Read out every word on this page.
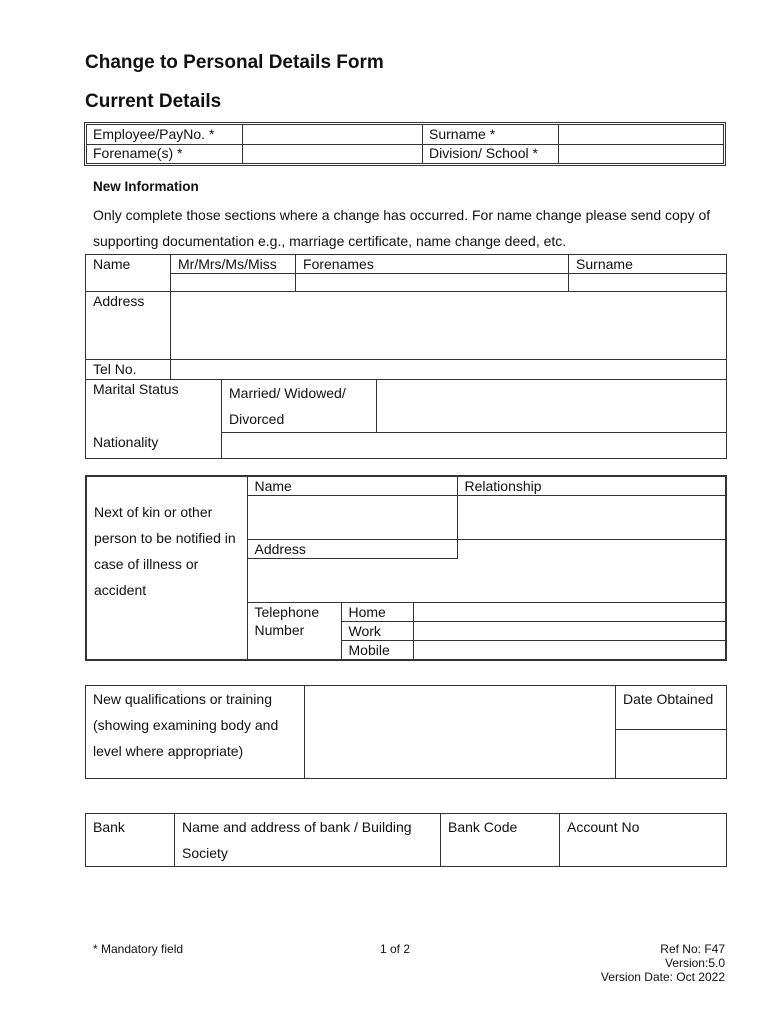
Change to Personal Details Form
Current Details
Employee/PayNo. *		Surname *	
Forename(s) *		Division/ School *	
New Information
Only complete those sections where a change has occurred. For name change please send copy of supporting documentation e.g., marriage certificate, name change deed, etc.
Name	Mr/Mrs/Ms/Miss		Forenames		Surname

Address					
Tel No.					
Marital Status		Married/ Widowed/ Divorced			
Nationality					
Next of kin or other person to be notified in case of illness or accident	Name			Relationship

	Address			

	Telephone Number	Home		
		Work		
		Mobile		
New qualifications or training (showing examining body and level where appropriate)		Date Obtained

Bank	Name and address of bank / Building Society	Bank Code	Account No
* Mandatory field	1 of 2	Ref No: F47
Version:5.0
Version Date: Oct 2022
